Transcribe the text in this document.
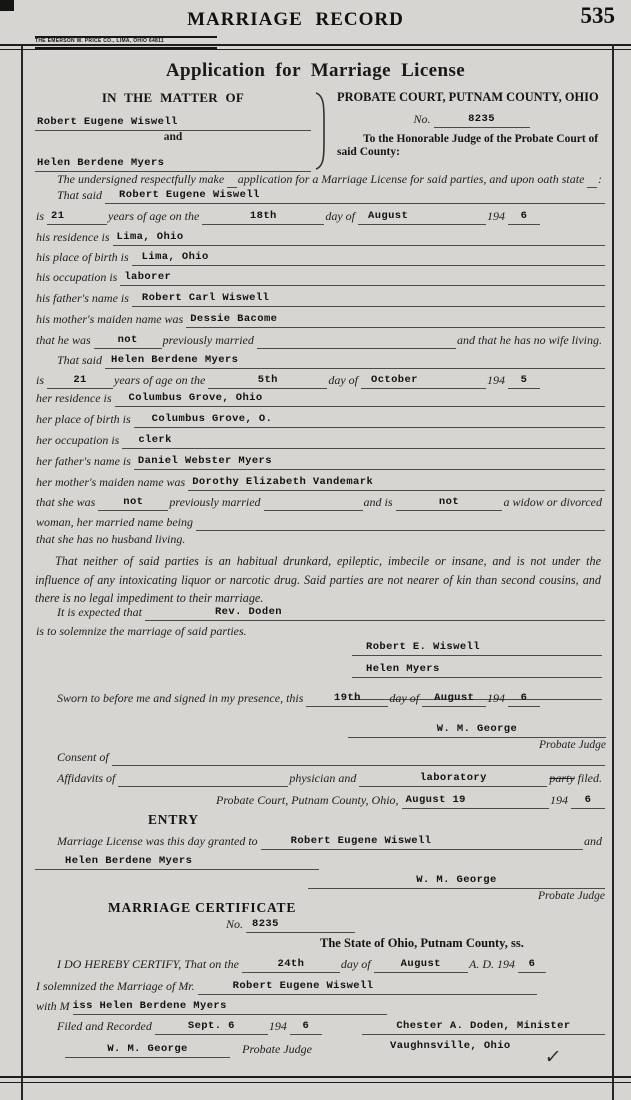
MARRIAGE RECORD	535
THE EMERSON W. PRICE CO., LIMA, OHIO 64811
Application for Marriage License
IN THE MATTER OF
Robert Eugene Wiswell
and
Helen Berdene Myers
PROBATE COURT, PUTNAM COUNTY, OHIO
No.	8235
To the Honorable Judge of the Probate Court of said County:
The undersigned respectfully make application for a Marriage License for said parties, and upon oath state :
That said Robert Eugene Wiswell
is 21	years of age on the	18th	day of August	194 6
his residence is Lima, Ohio
his place of birth is Lima, Ohio
his occupation is laborer
his father's name is Robert Carl Wiswell
his mother's maiden name was Dessie Bacome
that he was	not previously married	and that he has no wife living.
That said Helen Berdene Myers
is	21 years of age on the	5th	day of October	194 5
her residence is Columbus Grove, Ohio
her place of birth is Columbus Grove, O.
her occupation is clerk
her father's name is Daniel Webster Myers
her mother's maiden name was Dorothy Elizabeth Vandemark
that she was	not previously married	and is	not	a widow or divorced
woman, her married name being
that she has no husband living.
That neither of said parties is an habitual drunkard, epileptic, imbecile or insane, and is not under the influence of any intoxicating liquor or narcotic drug. Said parties are not nearer of kin than second cousins, and there is no legal impediment to their marriage.
It is expected that	Rev. Doden
is to solemnize the marriage of said parties.
Robert E. Wiswell
Helen Myers
Sworn to before me and signed in my presence, this	19th day of August 194 6
W. M. George
Probate Judge
Consent of
Affidavits of	physician and	laboratory	party filed.
Probate Court, Putnam County, Ohio, August 19	194 6
ENTRY
Marriage License was this day granted to	Robert Eugene Wiswell	and
Helen Berdene Myers
W. M. George
Probate Judge
MARRIAGE CERTIFICATE
No. 8235
The State of Ohio, Putnam County, ss.
I DO HEREBY CERTIFY, That on the	24th	day of	August A. D. 194 6
I solemnized the Marriage of Mr.	Robert Eugene Wiswell
with M iss Helen Berdene Myers
Filed and Recorded	Sept. 6	194 6	Chester A. Doden, Minister
Vaughnsville, Ohio
W. M. George	Probate Judge	✓
